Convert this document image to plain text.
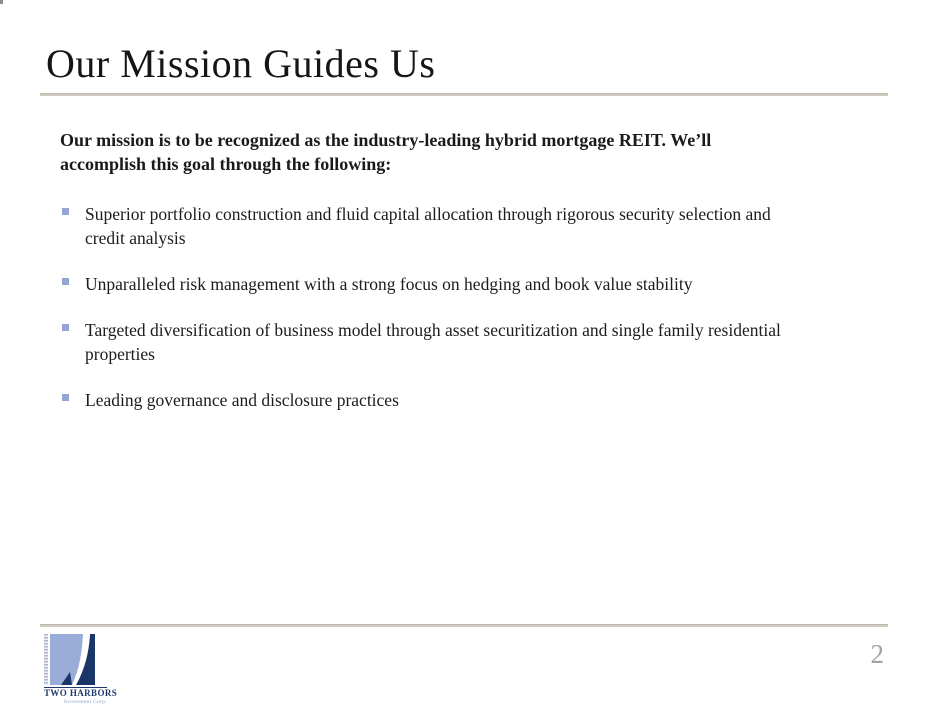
Our Mission Guides Us
Our mission is to be recognized as the industry-leading hybrid mortgage REIT. We’ll
accomplish this goal through the following:
Superior portfolio construction and fluid capital allocation through rigorous security selection and
credit analysis
Unparalleled risk management with a strong focus on hedging and book value stability
Targeted diversification of business model through asset securitization and single family residential
properties
Leading governance and disclosure practices
TWO HARBORS
Investment Corp.
2
